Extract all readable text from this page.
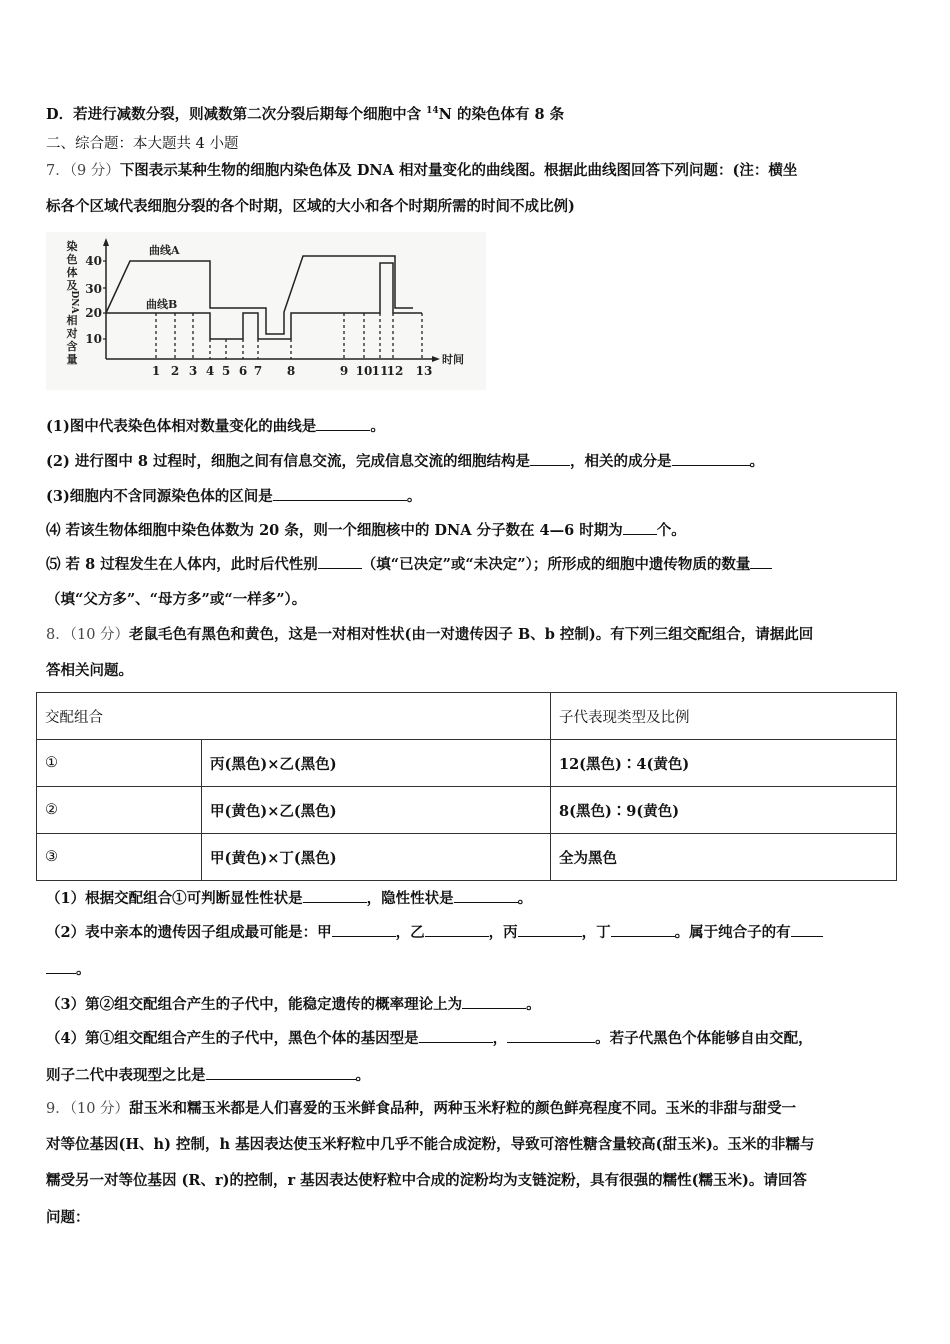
D．若进行减数分裂，则减数第二次分裂后期每个细胞中含 $^{14}$N 的染色体有 8 条
二、综合题：本大题共 4 小题
7．（9 分）下图表示某种生物的细胞内染色体及 DNA 相对量变化的曲线图。根据此曲线图回答下列问题：(注：横坐
标各个区域代表细胞分裂的各个时期，区域的大小和各个时期所需的时间不成比例)
染
色
体
及
DNA
相
对
含
量	时间
40
30
20
10
1 2 3 4 5 6 7 8	9 10 11
12 13
曲线A
曲线B
(1)图中代表染色体相对数量变化的曲线是	。
(2) 进行图中 8 过程时，细胞之间有信息交流，完成信息交流的细胞结构是	，相关的成分是	。
(3)细胞内不含同源染色体的区间是	。
⑷ 若该生物体细胞中染色体数为 20 条，则一个细胞核中的 DNA 分子数在 4—6 时期为 个。
⑸ 若 8 过程发生在人体内，此时后代性别	（填“已决定”或“未决定”）；所形成的细胞中遗传物质的数量
（填“父方多”、“母方多”或“一样多”）。
8．（10 分）老鼠毛色有黑色和黄色，这是一对相对性状(由一对遗传因子 B、b 控制)。有下列三组交配组合，请据此回
答相关问题。
交配组合		子代表现类型及比例
①	丙(黑色)×乙(黑色)	12(黑色)∶4(黄色)
②	甲(黄色)×乙(黑色)	8(黑色)∶9(黄色)
③	甲(黄色)×丁(黑色)	全为黑色
（1）根据交配组合①可判断显性性状是	，隐性性状是	。
（2）表中亲本的遗传因子组成最可能是：甲	，乙	，丙	，丁	。属于纯合子的有
。
（3）第②组交配组合产生的子代中，能稳定遗传的概率理论上为	。
（4）第①组交配组合产生的子代中，黑色个体的基因型是	，	。若子代黑色个体能够自由交配，
则子二代中表现型之比是	。
9．（10 分）甜玉米和糯玉米都是人们喜爱的玉米鲜食品种，两种玉米籽粒的颜色鲜亮程度不同。玉米的非甜与甜受一
对等位基因(H、h) 控制，h 基因表达使玉米籽粒中几乎不能合成淀粉，导致可溶性糖含量较高(甜玉米)。玉米的非糯与
糯受另一对等位基因 (R、r)的控制，r 基因表达使籽粒中合成的淀粉均为支链淀粉，具有很强的糯性(糯玉米)。请回答
问题：
